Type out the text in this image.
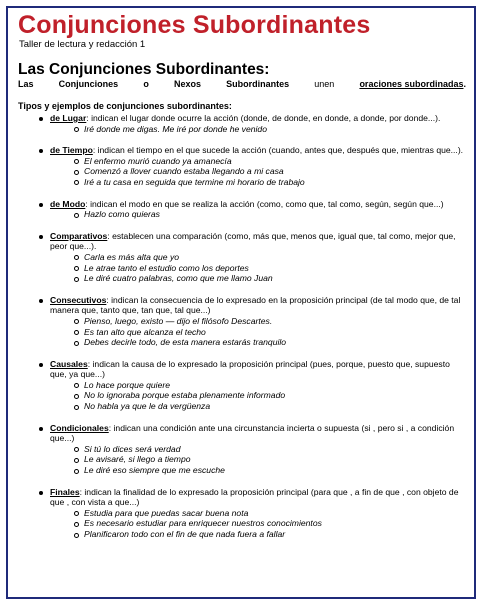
Conjunciones Subordinantes
Taller de lectura y redacción 1
Las Conjunciones Subordinantes:
Las	Conjunciones	o	Nexos	Subordinantes	unen	oraciones subordinadas.
Tipos y ejemplos de conjunciones subordinantes:
de Lugar: indican el lugar donde ocurre la acción (donde, de donde, en donde, a donde, por donde...).
Iré donde me digas. Me iré por donde he venido
de Tiempo: indican el tiempo en el que sucede la acción (cuando, antes que, después que, mientras que...).
El enfermo murió cuando ya amanecía
Comenzó a llover cuando estaba llegando a mi casa
Iré a tu casa en seguida que termine mi horario de trabajo
de Modo: indican el modo en que se realiza la acción (como, como que, tal como, según, según que...)
Hazlo como quieras
Comparativos: establecen una comparación (como, más que, menos que, igual que, tal como, mejor que, peor que...).
Carla es más alta que yo
Le atrae tanto el estudio como los deportes
Le diré cuatro palabras, como que me llamo Juan
Consecutivos: indican la consecuencia de lo expresado en la proposición principal (de tal modo que, de tal manera que, tanto que, tan que, tal que...)
Pienso, luego, existo — dijo el filósofo Descartes.
Es tan alto que alcanza el techo
Debes decirle todo, de esta manera estarás tranquilo
Causales: indican la causa de lo expresado la proposición principal (pues, porque, puesto que, supuesto que, ya que...)
Lo hace porque quiere
No lo ignoraba porque estaba plenamente informado
No habla ya que le da vergüenza
Condicionales: indican una condición ante una circunstancia incierta o supuesta (si , pero si , a condición que...)
Si tú lo dices será verdad
Le avisaré, si llego a tiempo
Le diré eso siempre que me escuche
Finales: indican la finalidad de lo expresado la proposición principal (para que , a fin de que , con objeto de que , con vista a que...)
Estudia para que puedas sacar buena nota
Es necesario estudiar para enriquecer nuestros conocimientos
Planificaron todo con el fin de que nada fuera a fallar
